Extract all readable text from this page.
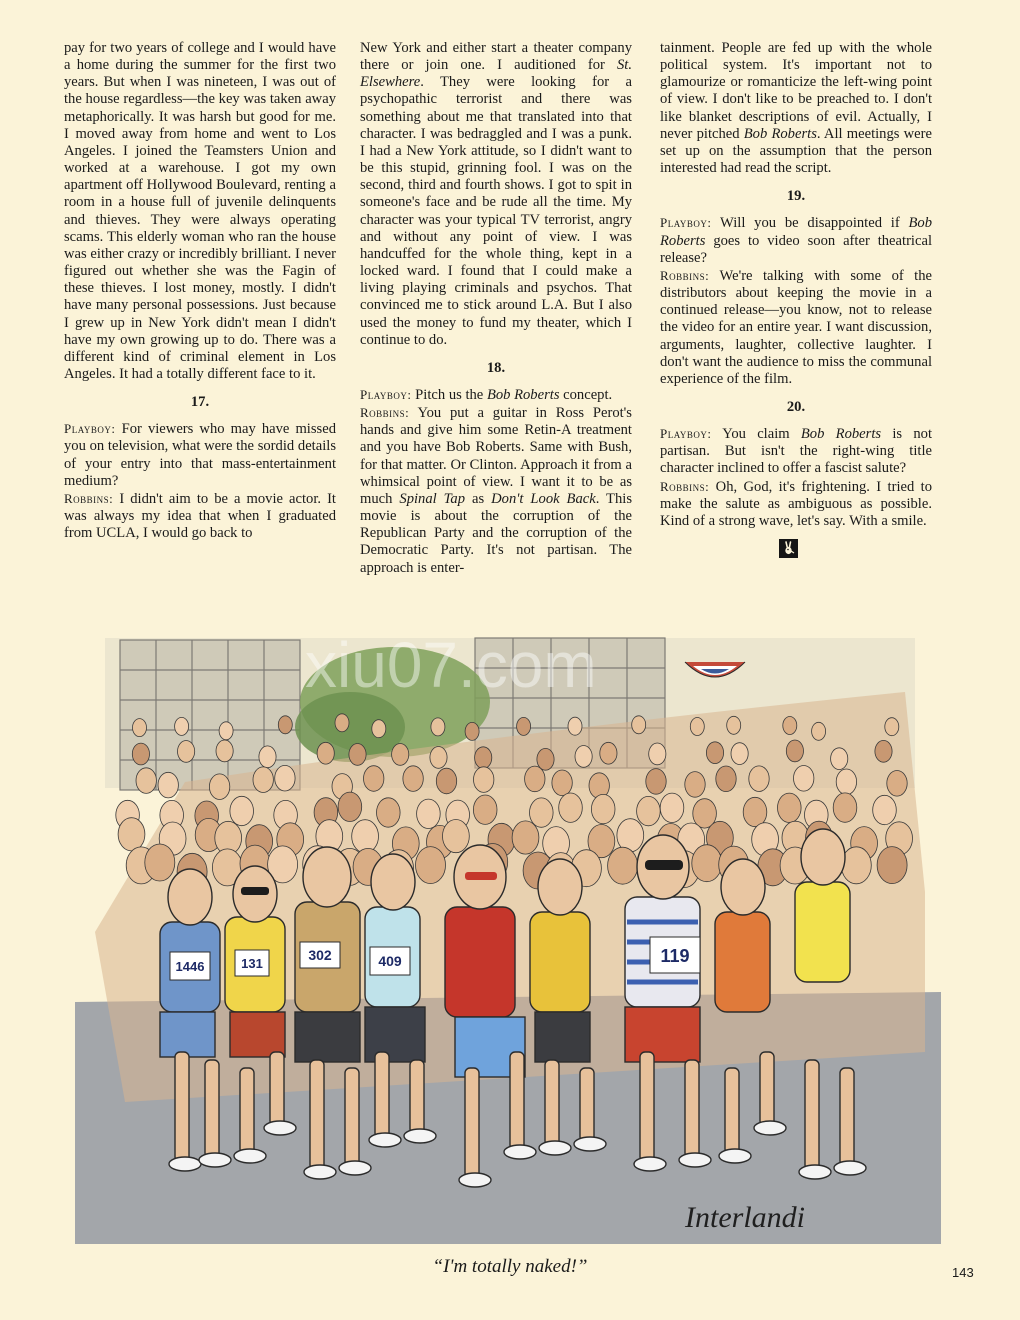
pay for two years of college and I would have a home during the summer for the first two years. But when I was nineteen, I was out of the house regardless—the key was taken away metaphorically. It was harsh but good for me. I moved away from home and went to Los Angeles. I joined the Teamsters Union and worked at a warehouse. I got my own apartment off Hollywood Boulevard, renting a room in a house full of juvenile delinquents and thieves. They were always operating scams. This elderly woman who ran the house was either crazy or incredibly brilliant. I never figured out whether she was the Fagin of these thieves. I lost money, mostly. I didn't have many personal possessions. Just because I grew up in New York didn't mean I didn't have my own growing up to do. There was a different kind of criminal element in Los Angeles. It had a totally different face to it.

17.

Playboy: For viewers who may have missed you on television, what were the sordid details of your entry into that mass-entertainment medium?

Robbins: I didn't aim to be a movie actor. It was always my idea that when I graduated from UCLA, I would go back to

New York and either start a theater company there or join one. I auditioned for St. Elsewhere. They were looking for a psychopathic terrorist and there was something about me that translated into that character. I was bedraggled and I was a punk. I had a New York attitude, so I didn't want to be this stupid, grinning fool. I was on the second, third and fourth shows. I got to spit in someone's face and be rude all the time. My character was your typical TV terrorist, angry and without any point of view. I was handcuffed for the whole thing, kept in a locked ward. I found that I could make a living playing criminals and psychos. That convinced me to stick around L.A. But I also used the money to fund my theater, which I continue to do.

18.

Playboy: Pitch us the Bob Roberts concept.

Robbins: You put a guitar in Ross Perot's hands and give him some Retin-A treatment and you have Bob Roberts. Same with Bush, for that matter. Or Clinton. Approach it from a whimsical point of view. I want it to be as much Spinal Tap as Don't Look Back. This movie is about the corruption of the Republican Party and the corruption of the Democratic Party. It's not partisan. The approach is enter-

tainment. People are fed up with the whole political system. It's important not to glamourize or romanticize the left-wing point of view. I don't like to be preached to. I don't like blanket descriptions of evil. Actually, I never pitched Bob Roberts. All meetings were set up on the assumption that the person interested had read the script.

19.

Playboy: Will you be disappointed if Bob Roberts goes to video soon after theatrical release?

Robbins: We're talking with some of the distributors about keeping the movie in a continued release—you know, not to release the video for an entire year. I want discussion, arguments, laughter, collective laughter. I don't want the audience to miss the communal experience of the film.

20.

Playboy: You claim Bob Roberts is not partisan. But isn't the right-wing title character inclined to offer a fascist salute?

Robbins: Oh, God, it's frightening. I tried to make the salute as ambiguous as possible. Kind of a strong wave, let's say. With a smile.

1446	131
302	409	119
xiu07.com
Interlandi
“I'm totally naked!”	143
